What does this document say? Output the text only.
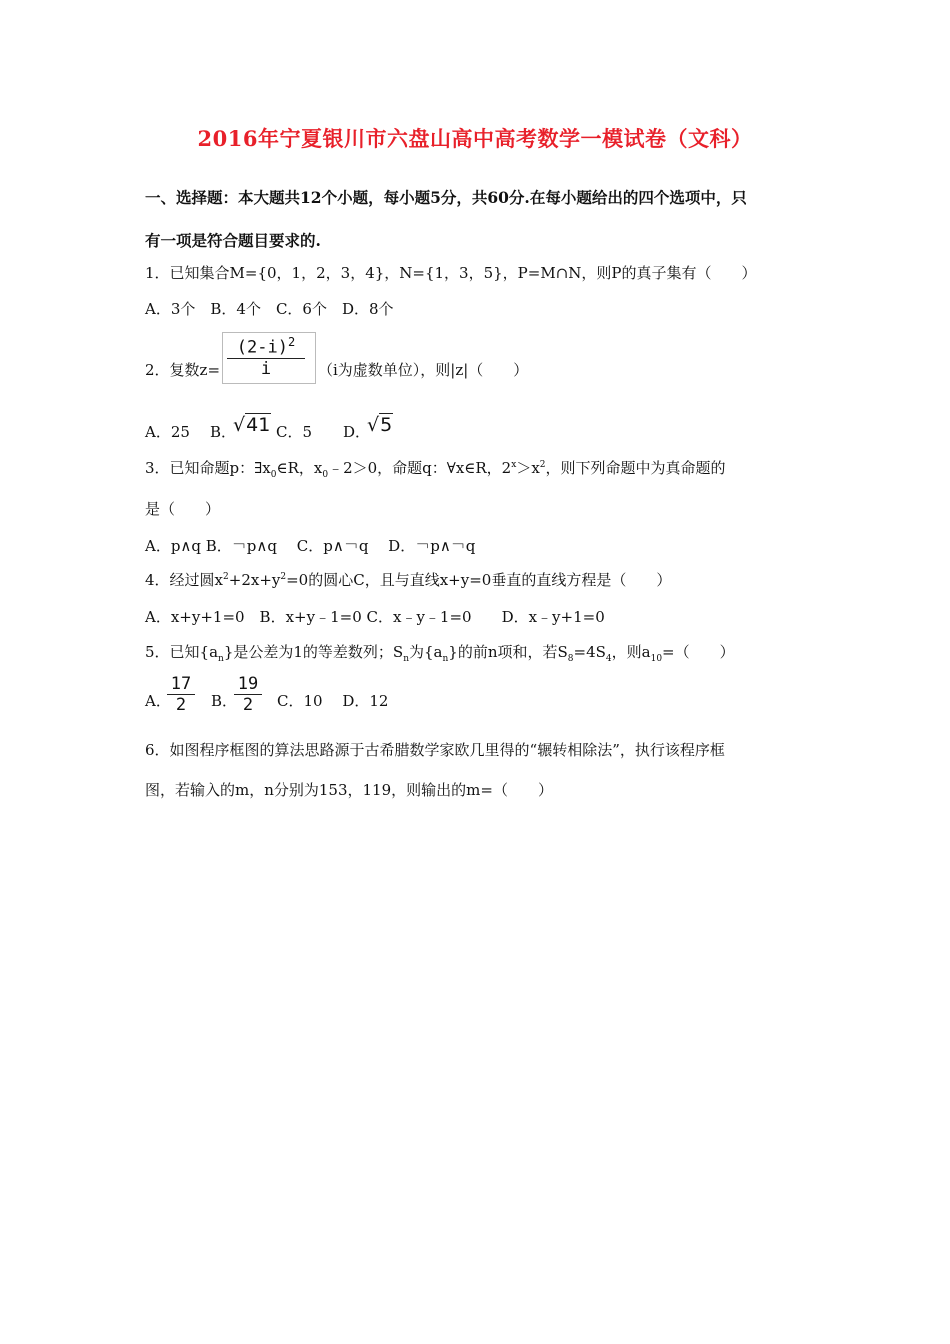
2016年宁夏银川市六盘山高中高考数学一模试卷（文科）
一、选择题：本大题共12个小题，每小题5分，共60分.在每小题给出的四个选项中，只
有一项是符合题目要求的.
1．已知集合M={0，1，2，3，4}，N={1，3，5}，P=M∩N，则P的真子集有（　　）
A．3个　B．4个　C．6个　D．8个
2．复数z=
$(2-i)^2$
i	（i为虚数单位），则|z|（　　）
A．25 B．
√41 C．5 D．
√5
3．已知命题p：$\exists x_0\in R$，$x_0﹣2>0$，命题q：∀x∈R，$2^x>x^2$，则下列命题中为真命题的
是（　　）
A．p∧q B．￢p∧q　 C．p∧￢q　 D．￢p∧￢q
4．经过圆$x^2+2x+y^2=0$的圆心C，且与直线x+y=0垂直的直线方程是（　　）
A．x+y+1=0　B．x+y﹣1=0 C．x﹣y﹣1=0　　D．x﹣y+1=0
5．已知$\{a_n\}$是公差为1的等差数列；$S_n$为$\{a_n\}$的前n项和，若$S_8=4S_4$，则$a_{10}=$（　　）
A．
17
2	B．
19
2	C．10　 D．12
6．如图程序框图的算法思路源于古希腊数学家欧几里得的“辗转相除法”，执行该程序框
图，若输入的m，n分别为153，119，则输出的m=（　　）
